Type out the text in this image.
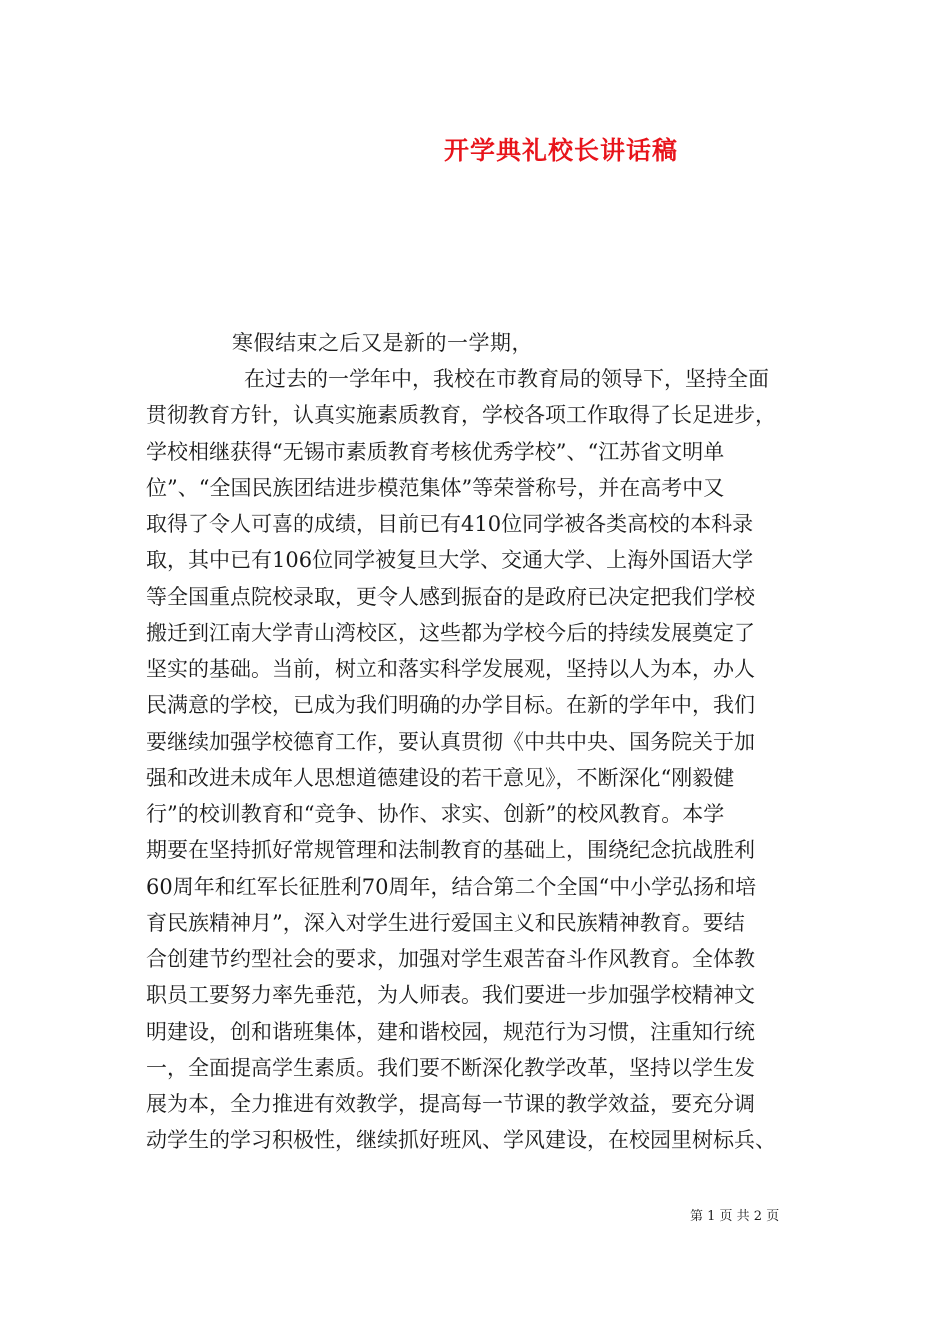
开学典礼校长讲话稿
寒假结束之后又是新的一学期，
在过去的一学年中，我校在市教育局的领导下，坚持全面
贯彻教育方针，认真实施素质教育，学校各项工作取得了长足进步，
学校相继获得“无锡市素质教育考核优秀学校”、“江苏省文明单
位”、“全国民族团结进步模范集体”等荣誉称号，并在高考中又
取得了令人可喜的成绩，目前已有410位同学被各类高校的本科录
取，其中已有106位同学被复旦大学、交通大学、上海外国语大学
等全国重点院校录取，更令人感到振奋的是政府已决定把我们学校
搬迁到江南大学青山湾校区，这些都为学校今后的持续发展奠定了
坚实的基础。当前，树立和落实科学发展观，坚持以人为本，办人
民满意的学校，已成为我们明确的办学目标。在新的学年中，我们
要继续加强学校德育工作，要认真贯彻《中共中央、国务院关于加
强和改进未成年人思想道德建设的若干意见》，不断深化“刚毅健
行”的校训教育和“竞争、协作、求实、创新”的校风教育。本学
期要在坚持抓好常规管理和法制教育的基础上，围绕纪念抗战胜利
60周年和红军长征胜利70周年，结合第二个全国“中小学弘扬和培
育民族精神月”，深入对学生进行爱国主义和民族精神教育。要结
合创建节约型社会的要求，加强对学生艰苦奋斗作风教育。全体教
职员工要努力率先垂范，为人师表。我们要进一步加强学校精神文
明建设，创和谐班集体，建和谐校园，规范行为习惯，注重知行统
一，全面提高学生素质。我们要不断深化教学改革，坚持以学生发
展为本，全力推进有效教学，提高每一节课的教学效益，要充分调
动学生的学习积极性，继续抓好班风、学风建设，在校园里树标兵、
第 1 页 共 2 页
